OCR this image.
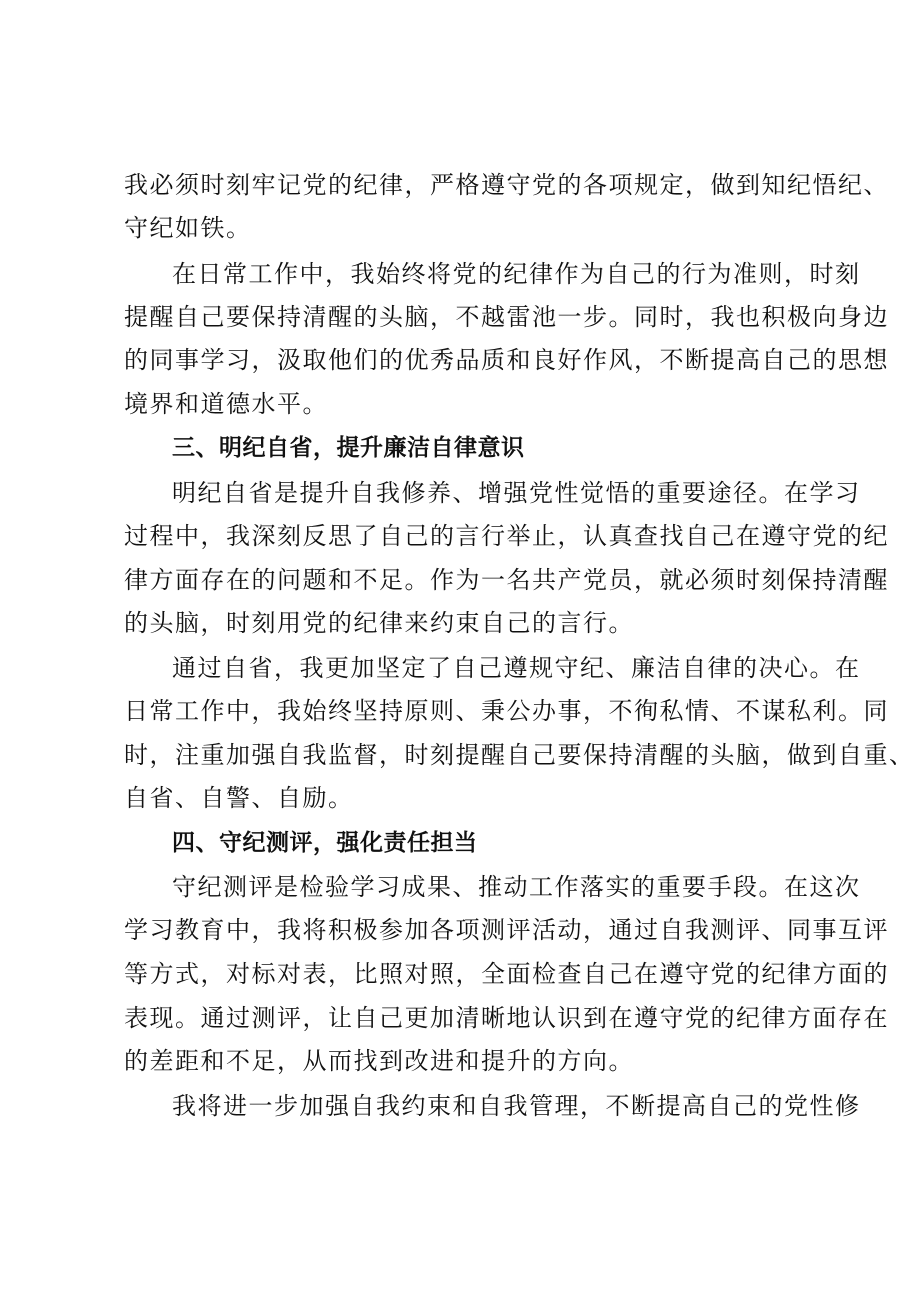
我必须时刻牢记党的纪律，严格遵守党的各项规定，做到知纪悟纪、

守纪如铁。

在日常工作中，我始终将党的纪律作为自己的行为准则，时刻

提醒自己要保持清醒的头脑，不越雷池一步。同时，我也积极向身边

的同事学习，汲取他们的优秀品质和良好作风，不断提高自己的思想

境界和道德水平。

三、明纪自省，提升廉洁自律意识

明纪自省是提升自我修养、增强党性觉悟的重要途径。在学习

过程中，我深刻反思了自己的言行举止，认真查找自己在遵守党的纪

律方面存在的问题和不足。作为一名共产党员，就必须时刻保持清醒

的头脑，时刻用党的纪律来约束自己的言行。

通过自省，我更加坚定了自己遵规守纪、廉洁自律的决心。在

日常工作中，我始终坚持原则、秉公办事，不徇私情、不谋私利。同

时，注重加强自我监督，时刻提醒自己要保持清醒的头脑，做到自重、

自省、自警、自励。

四、守纪测评，强化责任担当

守纪测评是检验学习成果、推动工作落实的重要手段。在这次

学习教育中，我将积极参加各项测评活动，通过自我测评、同事互评

等方式，对标对表，比照对照，全面检查自己在遵守党的纪律方面的

表现。通过测评，让自己更加清晰地认识到在遵守党的纪律方面存在

的差距和不足，从而找到改进和提升的方向。

我将进一步加强自我约束和自我管理，不断提高自己的党性修
